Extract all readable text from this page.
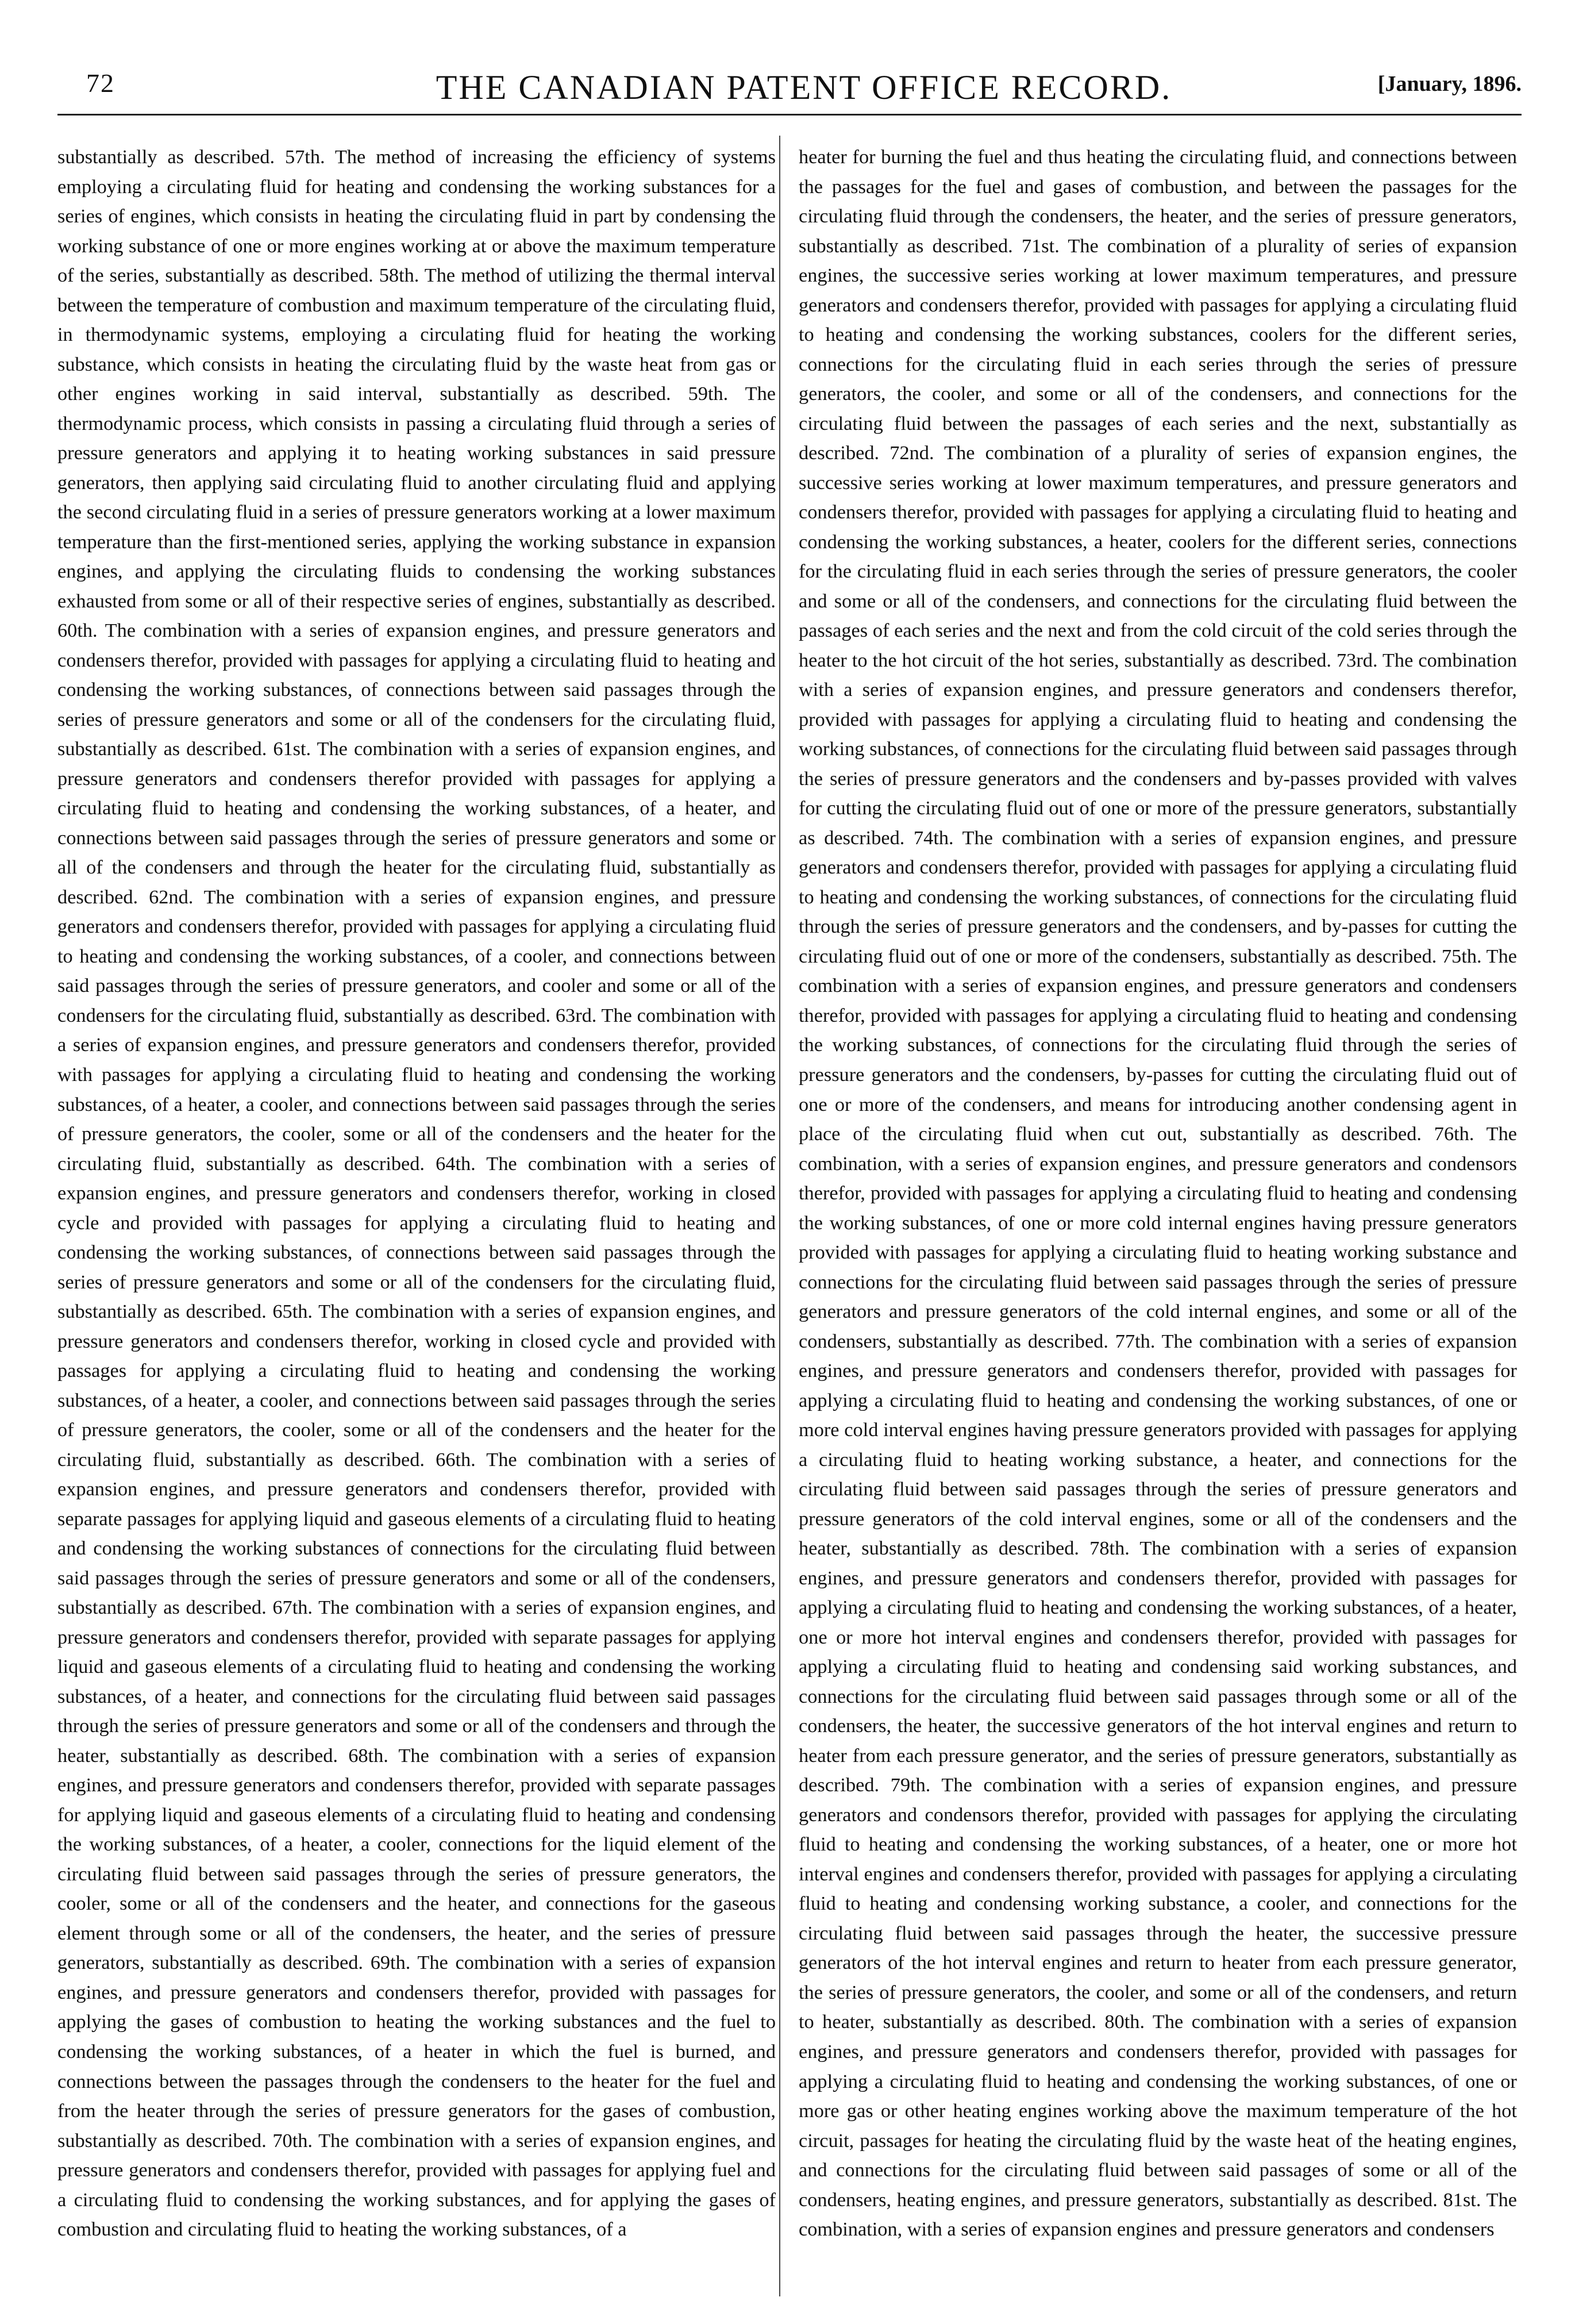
72	THE CANADIAN PATENT OFFICE RECORD.	[January, 1896.

substantially as described. 57th. The method of increasing the efficiency of systems employing a circulating fluid for heating and condensing the working substances for a series of engines, which consists in heating the circulating fluid in part by condensing the working substance of one or more engines working at or above the maximum temperature of the series, substantially as described. 58th. The method of utilizing the thermal interval between the temperature of combustion and maximum temperature of the circulating fluid, in thermodynamic systems, employing a circulating fluid for heating the working substance, which consists in heating the circulating fluid by the waste heat from gas or other engines working in said interval, substantially as described. 59th. The thermodynamic process, which consists in passing a circulating fluid through a series of pressure generators and applying it to heating working substances in said pressure generators, then applying said circulating fluid to another circulating fluid and applying the second circulating fluid in a series of pressure generators working at a lower maximum temperature than the first-mentioned series, applying the working substance in expansion engines, and applying the circulating fluids to condensing the working substances exhausted from some or all of their respective series of engines, substantially as described. 60th. The combination with a series of expansion engines, and pressure generators and condensers therefor, provided with passages for applying a circulating fluid to heating and condensing the working substances, of connections between said passages through the series of pressure generators and some or all of the condensers for the circulating fluid, substantially as described. 61st. The combination with a series of expansion engines, and pressure generators and condensers therefor provided with passages for applying a circulating fluid to heating and condensing the working substances, of a heater, and connections between said passages through the series of pressure generators and some or all of the condensers and through the heater for the circulating fluid, substantially as described. 62nd. The combination with a series of expansion engines, and pressure generators and condensers therefor, provided with passages for applying a circulating fluid to heating and condensing the working substances, of a cooler, and connections between said passages through the series of pressure generators, and cooler and some or all of the condensers for the circulating fluid, substantially as described. 63rd. The combination with a series of expansion engines, and pressure generators and condensers therefor, provided with passages for applying a circulating fluid to heating and condensing the working substances, of a heater, a cooler, and connections between said passages through the series of pressure generators, the cooler, some or all of the condensers and the heater for the circulating fluid, substantially as described. 64th. The combination with a series of expansion engines, and pressure generators and condensers therefor, working in closed cycle and provided with passages for applying a circulating fluid to heating and condensing the working substances, of connections between said passages through the series of pressure generators and some or all of the condensers for the circulating fluid, substantially as described. 65th. The combination with a series of expansion engines, and pressure generators and condensers therefor, working in closed cycle and provided with passages for applying a circulating fluid to heating and condensing the working substances, of a heater, a cooler, and connections between said passages through the series of pressure generators, the cooler, some or all of the condensers and the heater for the circulating fluid, substantially as described. 66th. The combination with a series of expansion engines, and pressure generators and condensers therefor, provided with separate passages for applying liquid and gaseous elements of a circulating fluid to heating and condensing the working substances of connections for the circulating fluid between said passages through the series of pressure generators and some or all of the condensers, substantially as described. 67th. The combination with a series of expansion engines, and pressure generators and condensers therefor, provided with separate passages for applying liquid and gaseous elements of a circulating fluid to heating and condensing the working substances, of a heater, and connections for the circulating fluid between said passages through the series of pressure generators and some or all of the condensers and through the heater, substantially as described. 68th. The combination with a series of expansion engines, and pressure generators and condensers therefor, provided with separate passages for applying liquid and gaseous elements of a circulating fluid to heating and condensing the working substances, of a heater, a cooler, connections for the liquid element of the circulating fluid between said passages through the series of pressure generators, the cooler, some or all of the condensers and the heater, and connections for the gaseous element through some or all of the condensers, the heater, and the series of pressure generators, substantially as described. 69th. The combination with a series of expansion engines, and pressure generators and condensers therefor, provided with passages for applying the gases of combustion to heating the working substances and the fuel to condensing the working substances, of a heater in which the fuel is burned, and connections between the passages through the condensers to the heater for the fuel and from the heater through the series of pressure generators for the gases of combustion, substantially as described. 70th. The combination with a series of expansion engines, and pressure generators and condensers therefor, provided with passages for applying fuel and a circulating fluid to condensing the working substances, and for applying the gases of combustion and circulating fluid to heating the working substances, of a

heater for burning the fuel and thus heating the circulating fluid, and connections between the passages for the fuel and gases of combustion, and between the passages for the circulating fluid through the condensers, the heater, and the series of pressure generators, substantially as described. 71st. The combination of a plurality of series of expansion engines, the successive series working at lower maximum temperatures, and pressure generators and condensers therefor, provided with passages for applying a circulating fluid to heating and condensing the working substances, coolers for the different series, connections for the circulating fluid in each series through the series of pressure generators, the cooler, and some or all of the condensers, and connections for the circulating fluid between the passages of each series and the next, substantially as described. 72nd. The combination of a plurality of series of expansion engines, the successive series working at lower maximum temperatures, and pressure generators and condensers therefor, provided with passages for applying a circulating fluid to heating and condensing the working substances, a heater, coolers for the different series, connections for the circulating fluid in each series through the series of pressure generators, the cooler and some or all of the condensers, and connections for the circulating fluid between the passages of each series and the next and from the cold circuit of the cold series through the heater to the hot circuit of the hot series, substantially as described. 73rd. The combination with a series of expansion engines, and pressure generators and condensers therefor, provided with passages for applying a circulating fluid to heating and condensing the working substances, of connections for the circulating fluid between said passages through the series of pressure generators and the condensers and by-passes provided with valves for cutting the circulating fluid out of one or more of the pressure generators, substantially as described. 74th. The combination with a series of expansion engines, and pressure generators and condensers therefor, provided with passages for applying a circulating fluid to heating and condensing the working substances, of connections for the circulating fluid through the series of pressure generators and the condensers, and by-passes for cutting the circulating fluid out of one or more of the condensers, substantially as described. 75th. The combination with a series of expansion engines, and pressure generators and condensers therefor, provided with passages for applying a circulating fluid to heating and condensing the working substances, of connections for the circulating fluid through the series of pressure generators and the condensers, by-passes for cutting the circulating fluid out of one or more of the condensers, and means for introducing another condensing agent in place of the circulating fluid when cut out, substantially as described. 76th. The combination, with a series of expansion engines, and pressure generators and condensors therefor, provided with passages for applying a circulating fluid to heating and condensing the working substances, of one or more cold internal engines having pressure generators provided with passages for applying a circulating fluid to heating working substance and connections for the circulating fluid between said passages through the series of pressure generators and pressure generators of the cold internal engines, and some or all of the condensers, substantially as described. 77th. The combination with a series of expansion engines, and pressure generators and condensers therefor, provided with passages for applying a circulating fluid to heating and condensing the working substances, of one or more cold interval engines having pressure generators provided with passages for applying a circulating fluid to heating working substance, a heater, and connections for the circulating fluid between said passages through the series of pressure generators and pressure generators of the cold interval engines, some or all of the condensers and the heater, substantially as described. 78th. The combination with a series of expansion engines, and pressure generators and condensers therefor, provided with passages for applying a circulating fluid to heating and condensing the working substances, of a heater, one or more hot interval engines and condensers therefor, provided with passages for applying a circulating fluid to heating and condensing said working substances, and connections for the circulating fluid between said passages through some or all of the condensers, the heater, the successive generators of the hot interval engines and return to heater from each pressure generator, and the series of pressure generators, substantially as described. 79th. The combination with a series of expansion engines, and pressure generators and condensors therefor, provided with passages for applying the circulating fluid to heating and condensing the working substances, of a heater, one or more hot interval engines and condensers therefor, provided with passages for applying a circulating fluid to heating and condensing working substance, a cooler, and connections for the circulating fluid between said passages through the heater, the successive pressure generators of the hot interval engines and return to heater from each pressure generator, the series of pressure generators, the cooler, and some or all of the condensers, and return to heater, substantially as described. 80th. The combination with a series of expansion engines, and pressure generators and condensers therefor, provided with passages for applying a circulating fluid to heating and condensing the working substances, of one or more gas or other heating engines working above the maximum temperature of the hot circuit, passages for heating the circulating fluid by the waste heat of the heating engines, and connections for the circulating fluid between said passages of some or all of the condensers, heating engines, and pressure generators, substantially as described. 81st. The combination, with a series of expansion engines and pressure generators and condensers
